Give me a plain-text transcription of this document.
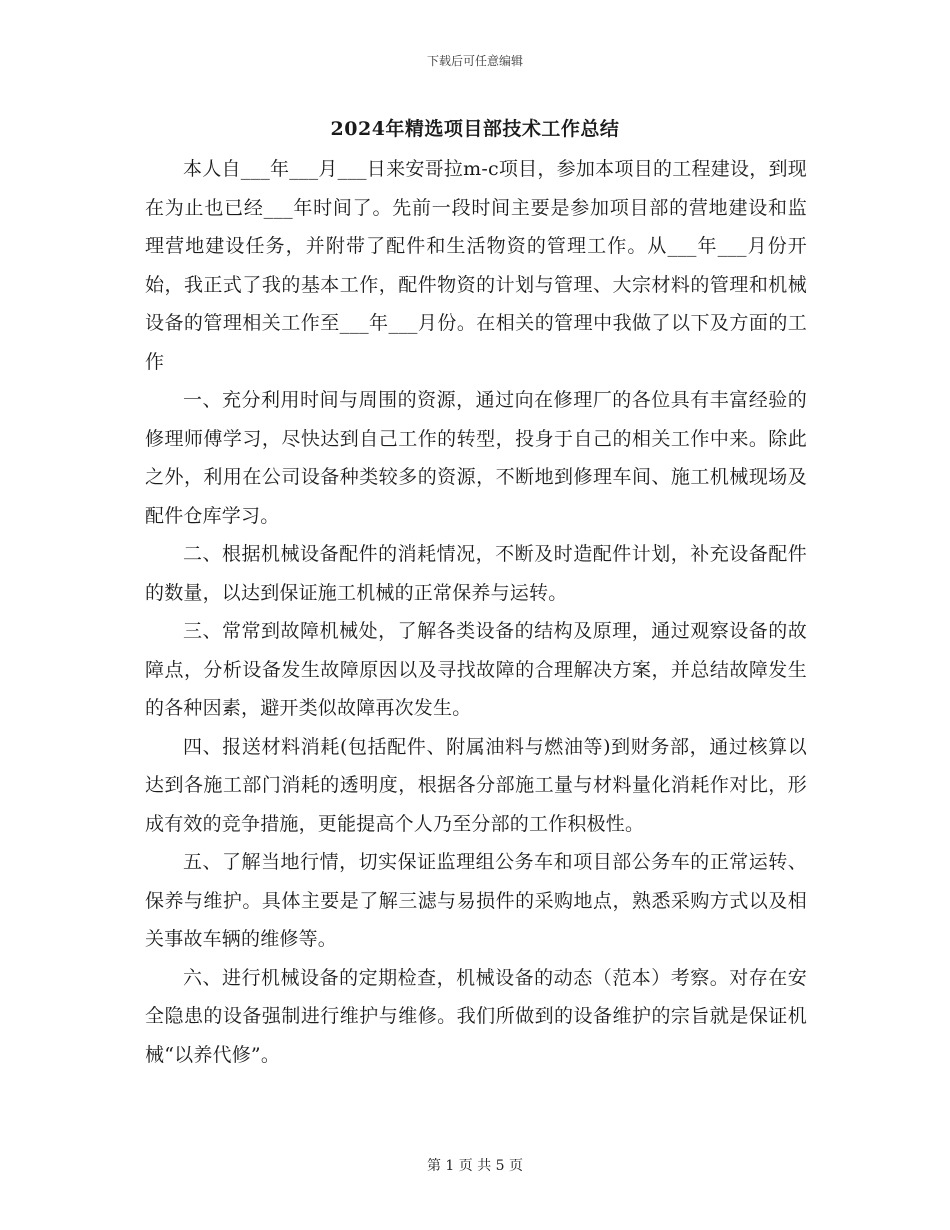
下载后可任意编辑
2024年精选项目部技术工作总结

本人自___年___月___日来安哥拉m-c项目，参加本项目的工程建设，到现在为止也已经___年时间了。先前一段时间主要是参加项目部的营地建设和监理营地建设任务，并附带了配件和生活物资的管理工作。从___年___月份开始，我正式了我的基本工作，配件物资的计划与管理、大宗材料的管理和机械设备的管理相关工作至___年___月份。在相关的管理中我做了以下及方面的工作

一、充分利用时间与周围的资源，通过向在修理厂的各位具有丰富经验的修理师傅学习，尽快达到自己工作的转型，投身于自己的相关工作中来。除此之外，利用在公司设备种类较多的资源，不断地到修理车间、施工机械现场及配件仓库学习。

二、根据机械设备配件的消耗情况，不断及时造配件计划，补充设备配件的数量，以达到保证施工机械的正常保养与运转。

三、常常到故障机械处，了解各类设备的结构及原理，通过观察设备的故障点，分析设备发生故障原因以及寻找故障的合理解决方案，并总结故障发生的各种因素，避开类似故障再次发生。

四、报送材料消耗(包括配件、附属油料与燃油等)到财务部，通过核算以达到各施工部门消耗的透明度，根据各分部施工量与材料量化消耗作对比，形成有效的竞争措施，更能提高个人乃至分部的工作积极性。

五、了解当地行情，切实保证监理组公务车和项目部公务车的正常运转、保养与维护。具体主要是了解三滤与易损件的采购地点，熟悉采购方式以及相关事故车辆的维修等。

六、进行机械设备的定期检查，机械设备的动态（范本）考察。对存在安全隐患的设备强制进行维护与维修。我们所做到的设备维护的宗旨就是保证机械“以养代修”。

第 1 页 共 5 页
